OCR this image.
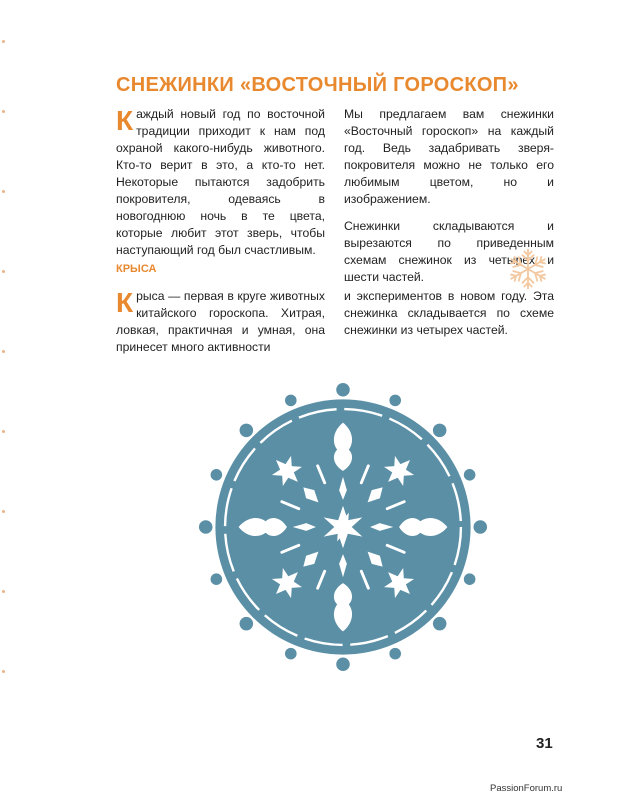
СНЕЖИНКИ «ВОСТОЧНЫЙ ГОРОСКОП»

Каждый новый год по восточной традиции приходит к нам под охраной какого-нибудь животного. Кто-то верит в это, а кто-то нет. Некоторые пытаются задобрить покровителя, одеваясь в новогоднюю ночь в те цвета, которые любит этот зверь, чтобы наступающий год был счастливым.

Мы предлагаем вам снежинки «Восточный гороскоп» на каждый год. Ведь задабривать зверя-покровителя можно не только его любимым цветом, но и изображением.

Снежинки складываются и вырезаются по приведенным схемам снежинок из четырех и шести частей.

КРЫСА

Крыса — первая в круге животных китайского гороскопа. Хитрая, ловкая, практичная и умная, она принесет много активности

и экспериментов в новом году. Эта снежинка складывается по схеме снежинки из четырех частей.

31
PassionForum.ru
